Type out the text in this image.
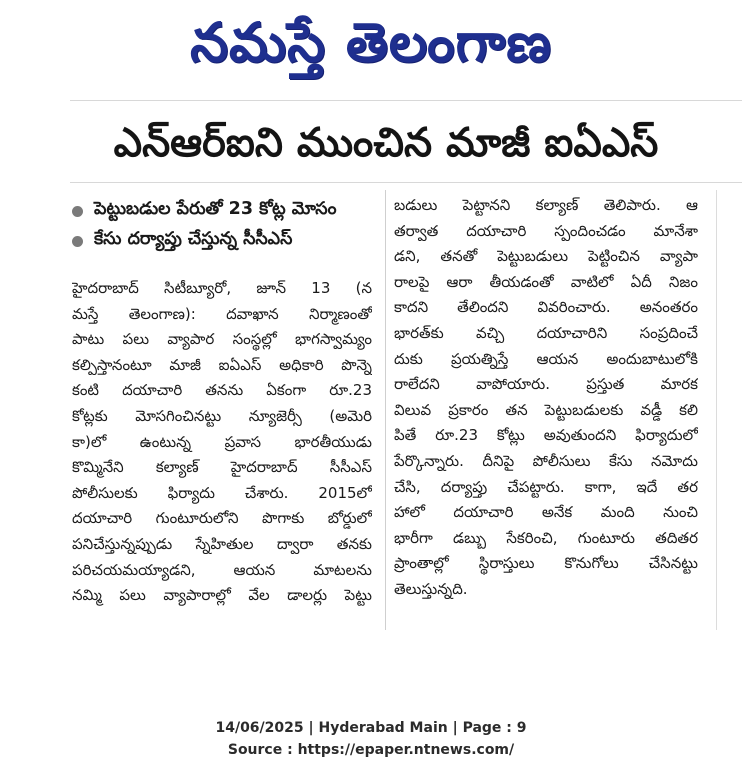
నమస్తే తెలంగాణ
ఎన్‌ఆర్‌ఐని ముంచిన మాజీ ఐఏఎస్
పెట్టుబడుల పేరుతో 23 కోట్ల మోసం
కేసు దర్యాప్తు చేస్తున్న సీసీఎస్
హైదరాబాద్‌ సిటీబ్యూరో, జూన్‌ 13 (న
మస్తే తెలంగాణ): దవాఖాన నిర్మాణంతో
పాటు పలు వ్యాపార సంస్థల్లో భాగస్వామ్యం
కల్పిస్తానంటూ మాజీ ఐఏఎస్‌ అధికారి పొన్నె
కంటి దయాచారి తనను ఏకంగా రూ.23
కోట్లకు మోసగించినట్టు న్యూజెర్సీ (అమెరి
కా)లో ఉంటున్న ప్రవాస భారతీయుడు
కొమ్మినేని కల్యాణ్‌ హైదరాబాద్‌ సీసీఎస్‌
పోలీసులకు ఫిర్యాదు చేశారు. 2015లో
దయాచారి గుంటూరులోని పొగాకు బోర్డులో
పనిచేస్తున్నప్పుడు స్నేహితుల ద్వారా తనకు
పరిచయమయ్యాడని, ఆయన మాటలను
నమ్మి పలు వ్యాపారాల్లో వేల డాలర్లు పెట్టు
బడులు పెట్టానని కల్యాణ్‌ తెలిపారు. ఆ
తర్వాత దయాచారి స్పందించడం మానేశా
డని, తనతో పెట్టుబడులు పెట్టించిన వ్యాపా
రాలపై ఆరా తీయడంతో వాటిలో ఏదీ నిజం
కాదని తేలిందని వివరించారు. అనంతరం
భారత్‌కు వచ్చి దయాచారిని సంప్రదించే
దుకు ప్రయత్నిస్తే ఆయన అందుబాటులోకి
రాలేదని వాపోయారు. ప్రస్తుత మారక
విలువ ప్రకారం తన పెట్టుబడులకు వడ్డీ కలి
పితే రూ.23 కోట్లు అవుతుందని ఫిర్యాదులో
పేర్కొన్నారు. దీనిపై పోలీసులు కేసు నమోదు
చేసి, దర్యాప్తు చేపట్టారు. కాగా, ఇదే తర
హాలో దయాచారి అనేక మంది నుంచి
భారీగా డబ్బు సేకరించి, గుంటూరు తదితర
ప్రాంతాల్లో స్థిరాస్తులు కొనుగోలు చేసినట్టు
తెలుస్తున్నది.
14/06/2025 | Hyderabad Main | Page : 9
Source : https://epaper.ntnews.com/
